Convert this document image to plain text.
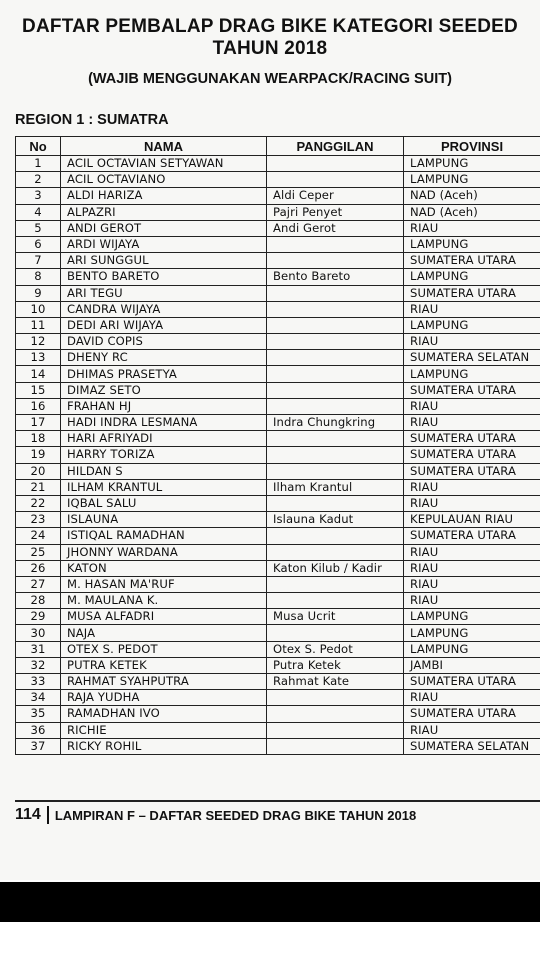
DAFTAR PEMBALAP DRAG BIKE KATEGORI SEEDED
TAHUN 2018
(WAJIB MENGGUNAKAN WEARPACK/RACING SUIT)
REGION 1 : SUMATRA
No	NAMA	PANGGILAN	PROVINSI
1	ACIL OCTAVIAN SETYAWAN		LAMPUNG
2	ACIL OCTAVIANO		LAMPUNG
3	ALDI HARIZA	Aldi Ceper	NAD (Aceh)
4	ALPAZRI	Pajri Penyet	NAD (Aceh)
5	ANDI GEROT	Andi Gerot	RIAU
6	ARDI WIJAYA		LAMPUNG
7	ARI SUNGGUL		SUMATERA UTARA
8	BENTO BARETO	Bento Bareto	LAMPUNG
9	ARI TEGU		SUMATERA UTARA
10	CANDRA WIJAYA		RIAU
11	DEDI ARI WIJAYA		LAMPUNG
12	DAVID COPIS		RIAU
13	DHENY RC		SUMATERA SELATAN
14	DHIMAS PRASETYA		LAMPUNG
15	DIMAZ SETO		SUMATERA UTARA
16	FRAHAN HJ		RIAU
17	HADI INDRA LESMANA	Indra Chungkring	RIAU
18	HARI AFRIYADI		SUMATERA UTARA
19	HARRY TORIZA		SUMATERA UTARA
20	HILDAN S		SUMATERA UTARA
21	ILHAM KRANTUL	Ilham Krantul	RIAU
22	IQBAL SALU		RIAU
23	ISLAUNA	Islauna Kadut	KEPULAUAN RIAU
24	ISTIQAL RAMADHAN		SUMATERA UTARA
25	JHONNY WARDANA		RIAU
26	KATON	Katon Kilub / Kadir	RIAU
27	M. HASAN MA'RUF		RIAU
28	M. MAULANA K.		RIAU
29	MUSA ALFADRI	Musa Ucrit	LAMPUNG
30	NAJA		LAMPUNG
31	OTEX S. PEDOT	Otex S. Pedot	LAMPUNG
32	PUTRA KETEK	Putra Ketek	JAMBI
33	RAHMAT SYAHPUTRA	Rahmat Kate	SUMATERA UTARA
34	RAJA YUDHA		RIAU
35	RAMADHAN IVO		SUMATERA UTARA
36	RICHIE		RIAU
37	RICKY ROHIL		SUMATERA SELATAN
114 LAMPIRAN F – DAFTAR SEEDED DRAG BIKE TAHUN 2018
